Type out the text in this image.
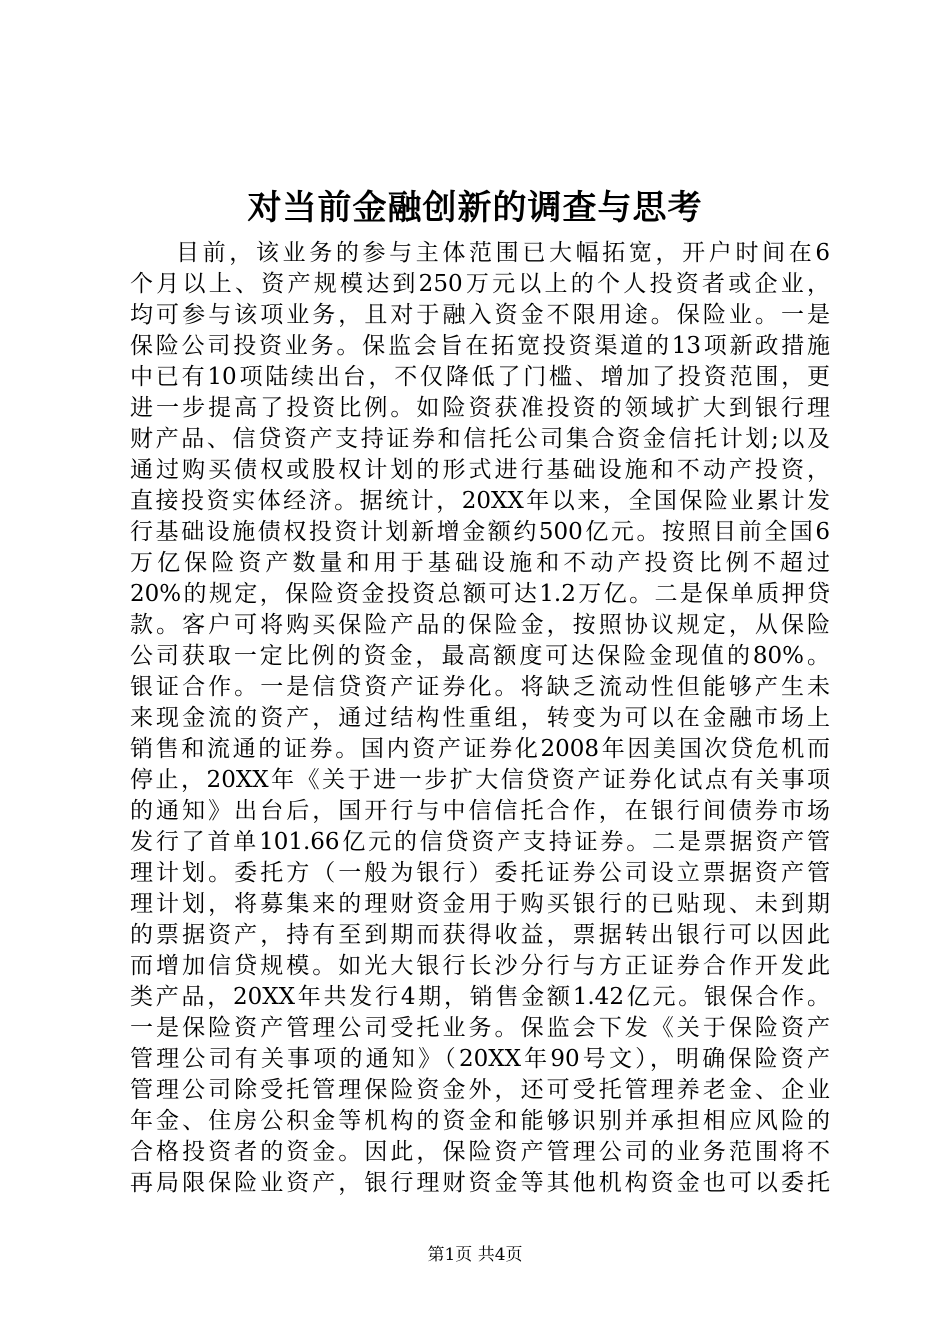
对当前金融创新的调查与思考
目前，该业务的参与主体范围已大幅拓宽，开户时间在6
个月以上、资产规模达到250万元以上的个人投资者或企业，
均可参与该项业务，且对于融入资金不限用途。保险业。一是
保险公司投资业务。保监会旨在拓宽投资渠道的13项新政措施
中已有10项陆续出台，不仅降低了门槛、增加了投资范围，更
进一步提高了投资比例。如险资获准投资的领域扩大到银行理
财产品、信贷资产支持证券和信托公司集合资金信托计划;以及
通过购买债权或股权计划的形式进行基础设施和不动产投资，
直接投资实体经济。据统计，20XX年以来，全国保险业累计发
行基础设施债权投资计划新增金额约500亿元。按照目前全国6
万亿保险资产数量和用于基础设施和不动产投资比例不超过
20%的规定，保险资金投资总额可达1.2万亿。二是保单质押贷
款。客户可将购买保险产品的保险金，按照协议规定，从保险
公司获取一定比例的资金，最高额度可达保险金现值的80%。
银证合作。一是信贷资产证券化。将缺乏流动性但能够产生未
来现金流的资产，通过结构性重组，转变为可以在金融市场上
销售和流通的证券。国内资产证券化2008年因美国次贷危机而
停止，20XX年《关于进一步扩大信贷资产证券化试点有关事项
的通知》出台后，国开行与中信信托合作，在银行间债券市场
发行了首单101.66亿元的信贷资产支持证券。二是票据资产管
理计划。委托方（一般为银行）委托证券公司设立票据资产管
理计划，将募集来的理财资金用于购买银行的已贴现、未到期
的票据资产，持有至到期而获得收益，票据转出银行可以因此
而增加信贷规模。如光大银行长沙分行与方正证券合作开发此
类产品，20XX年共发行4期，销售金额1.42亿元。银保合作。
一是保险资产管理公司受托业务。保监会下发《关于保险资产
管理公司有关事项的通知》（20XX年90号文），明确保险资产
管理公司除受托管理保险资金外，还可受托管理养老金、企业
年金、住房公积金等机构的资金和能够识别并承担相应风险的
合格投资者的资金。因此，保险资产管理公司的业务范围将不
再局限保险业资产，银行理财资金等其他机构资金也可以委托
第1页 共4页
